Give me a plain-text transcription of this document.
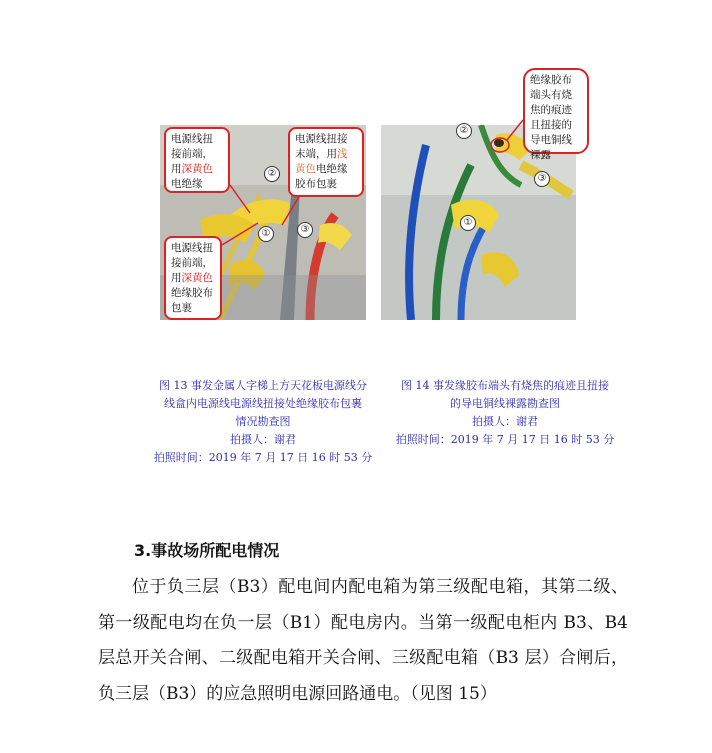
电源线扭接前端，用深黄色电绝缘
电源线扭接末端，用浅黄色电绝缘胶布包裹
电源线扭接前端，用深黄色绝缘胶布包裹
②
①	③
绝缘胶布端头有烧焦的痕迹且扭接的导电铜线裸露
②
①
③
图 13 事发金属人字梯上方天花板电源线分
线盒内电源线电源线扭接处绝缘胶布包裹
情况勘查图
拍摄人：谢君
拍照时间：2019 年 7 月 17 日 16 时 53 分
图 14 事发缘胶布端头有烧焦的痕迹且扭接
的导电铜线裸露勘查图
拍摄人：谢君
拍照时间：2019 年 7 月 17 日 16 时 53 分
3.事故场所配电情况

位于负三层（B3）配电间内配电箱为第三级配电箱，其第二级、第一级配电均在负一层（B1）配电房内。当第一级配电柜内 B3、B4 层总开关合闸、二级配电箱开关合闸、三级配电箱（B3 层）合闸后，负三层（B3）的应急照明电源回路通电。（见图 15）
